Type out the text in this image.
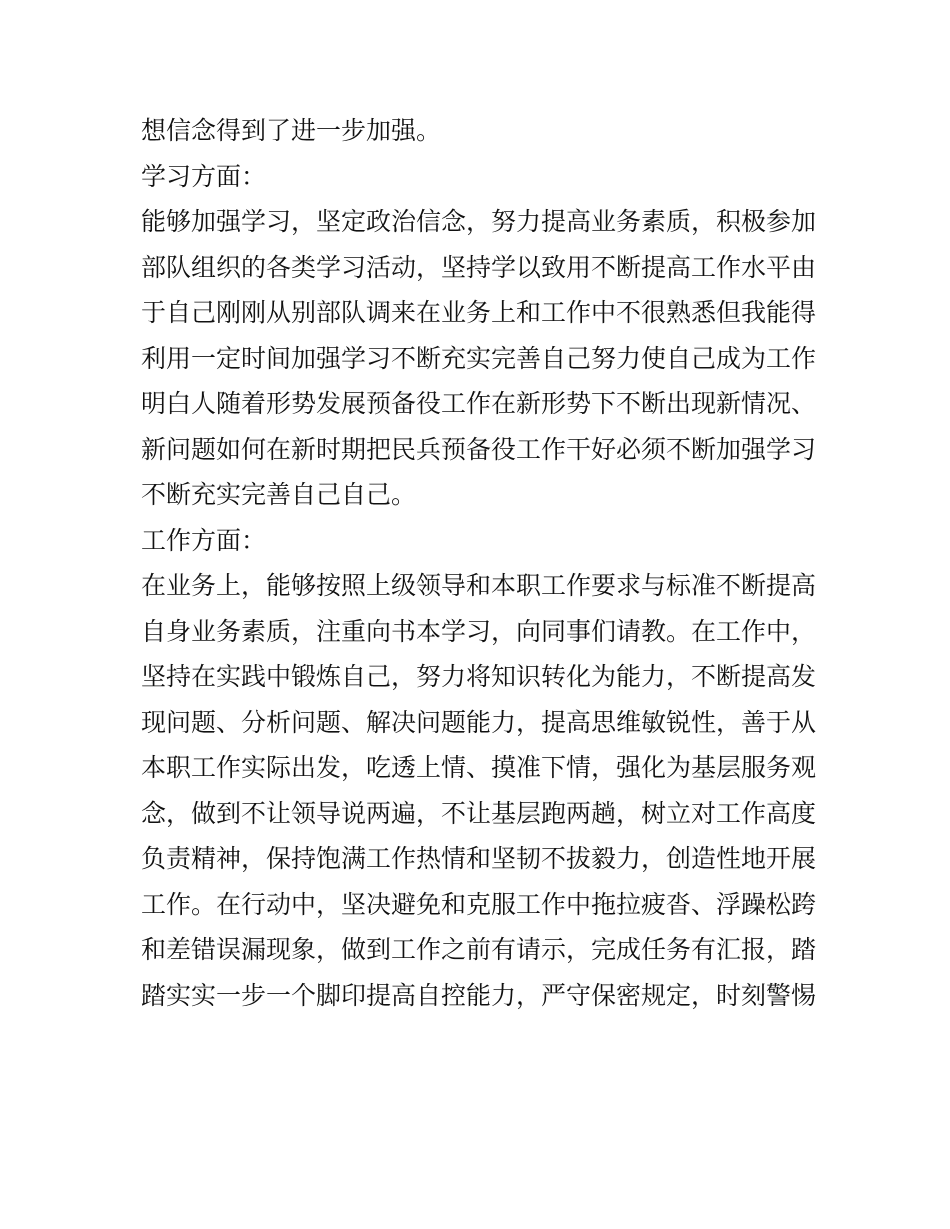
想信念得到了进一步加强。
学习方面：
能够加强学习，坚定政治信念，努力提高业务素质，积极参加
部队组织的各类学习活动，坚持学以致用不断提高工作水平由
于自己刚刚从别部队调来在业务上和工作中不很熟悉但我能得
利用一定时间加强学习不断充实完善自己努力使自己成为工作
明白人随着形势发展预备役工作在新形势下不断出现新情况、
新问题如何在新时期把民兵预备役工作干好必须不断加强学习
不断充实完善自己自己。
工作方面：
在业务上，能够按照上级领导和本职工作要求与标准不断提高
自身业务素质，注重向书本学习，向同事们请教。在工作中，
坚持在实践中锻炼自己，努力将知识转化为能力，不断提高发
现问题、分析问题、解决问题能力，提高思维敏锐性，善于从
本职工作实际出发，吃透上情、摸准下情，强化为基层服务观
念，做到不让领导说两遍，不让基层跑两趟，树立对工作高度
负责精神，保持饱满工作热情和坚韧不拔毅力，创造性地开展
工作。在行动中，坚决避免和克服工作中拖拉疲沓、浮躁松跨
和差错误漏现象，做到工作之前有请示，完成任务有汇报，踏
踏实实一步一个脚印提高自控能力，严守保密规定，时刻警惕
